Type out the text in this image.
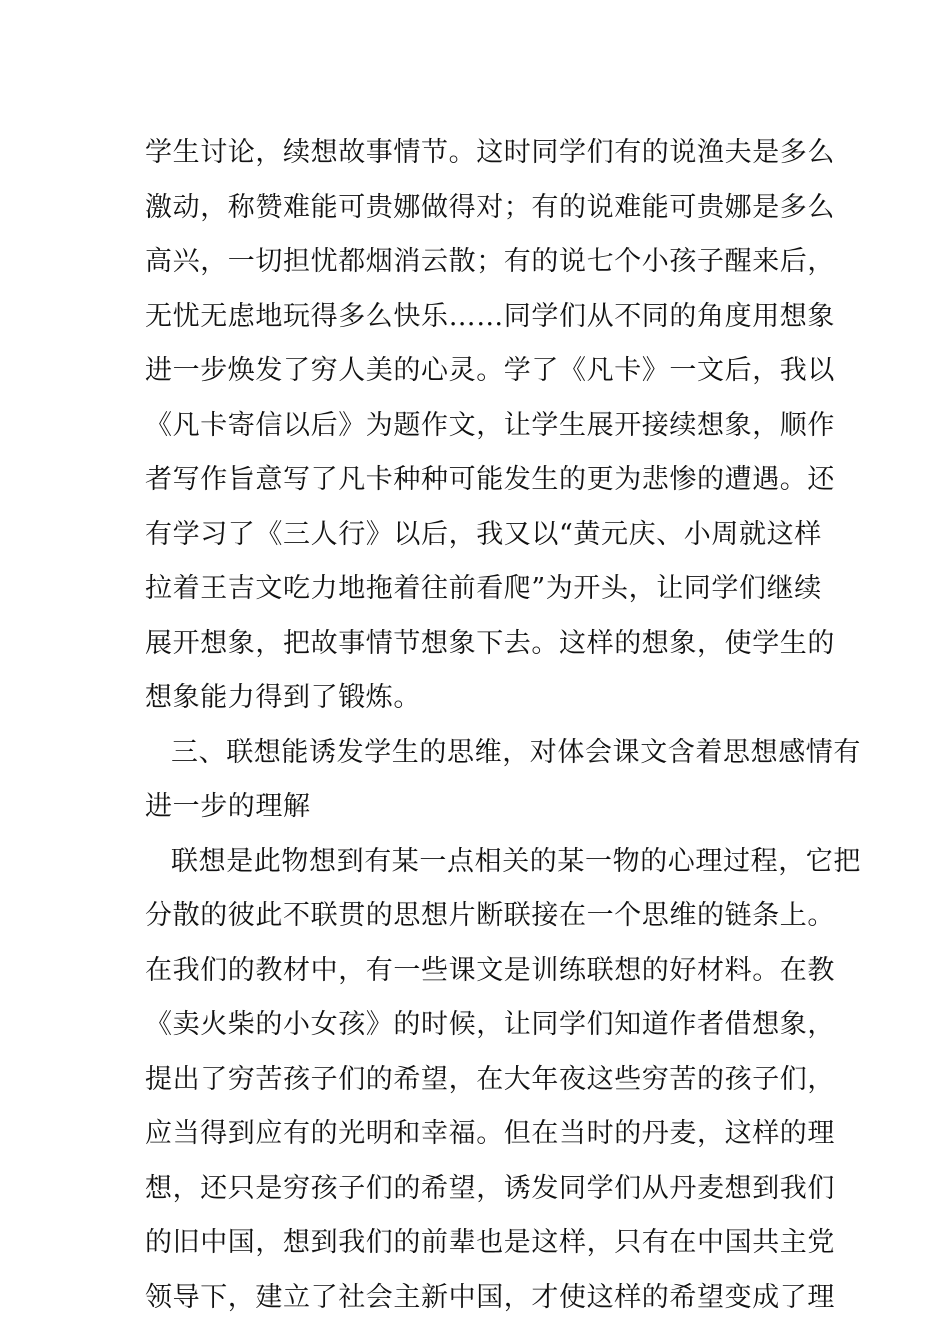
学生讨论，续想故事情节。这时同学们有的说渔夫是多么
激动，称赞难能可贵娜做得对；有的说难能可贵娜是多么
高兴，一切担忧都烟消云散；有的说七个小孩子醒来后，
无忧无虑地玩得多么快乐……同学们从不同的角度用想象
进一步焕发了穷人美的心灵。学了《凡卡》一文后，我以
《凡卡寄信以后》为题作文，让学生展开接续想象，顺作
者写作旨意写了凡卡种种可能发生的更为悲惨的遭遇。还
有学习了《三人行》以后，我又以“黄元庆、小周就这样
拉着王吉文吃力地拖着往前看爬”为开头，让同学们继续
展开想象，把故事情节想象下去。这样的想象，使学生的
想象能力得到了锻炼。
三、联想能诱发学生的思维，对体会课文含着思想感情有
进一步的理解
联想是此物想到有某一点相关的某一物的心理过程，它把
分散的彼此不联贯的思想片断联接在一个思维的链条上。
在我们的教材中，有一些课文是训练联想的好材料。在教
《卖火柴的小女孩》的时候，让同学们知道作者借想象，
提出了穷苦孩子们的希望，在大年夜这些穷苦的孩子们，
应当得到应有的光明和幸福。但在当时的丹麦，这样的理
想，还只是穷孩子们的希望，诱发同学们从丹麦想到我们
的旧中国，想到我们的前辈也是这样，只有在中国共主党
领导下，建立了社会主新中国，才使这样的希望变成了理
